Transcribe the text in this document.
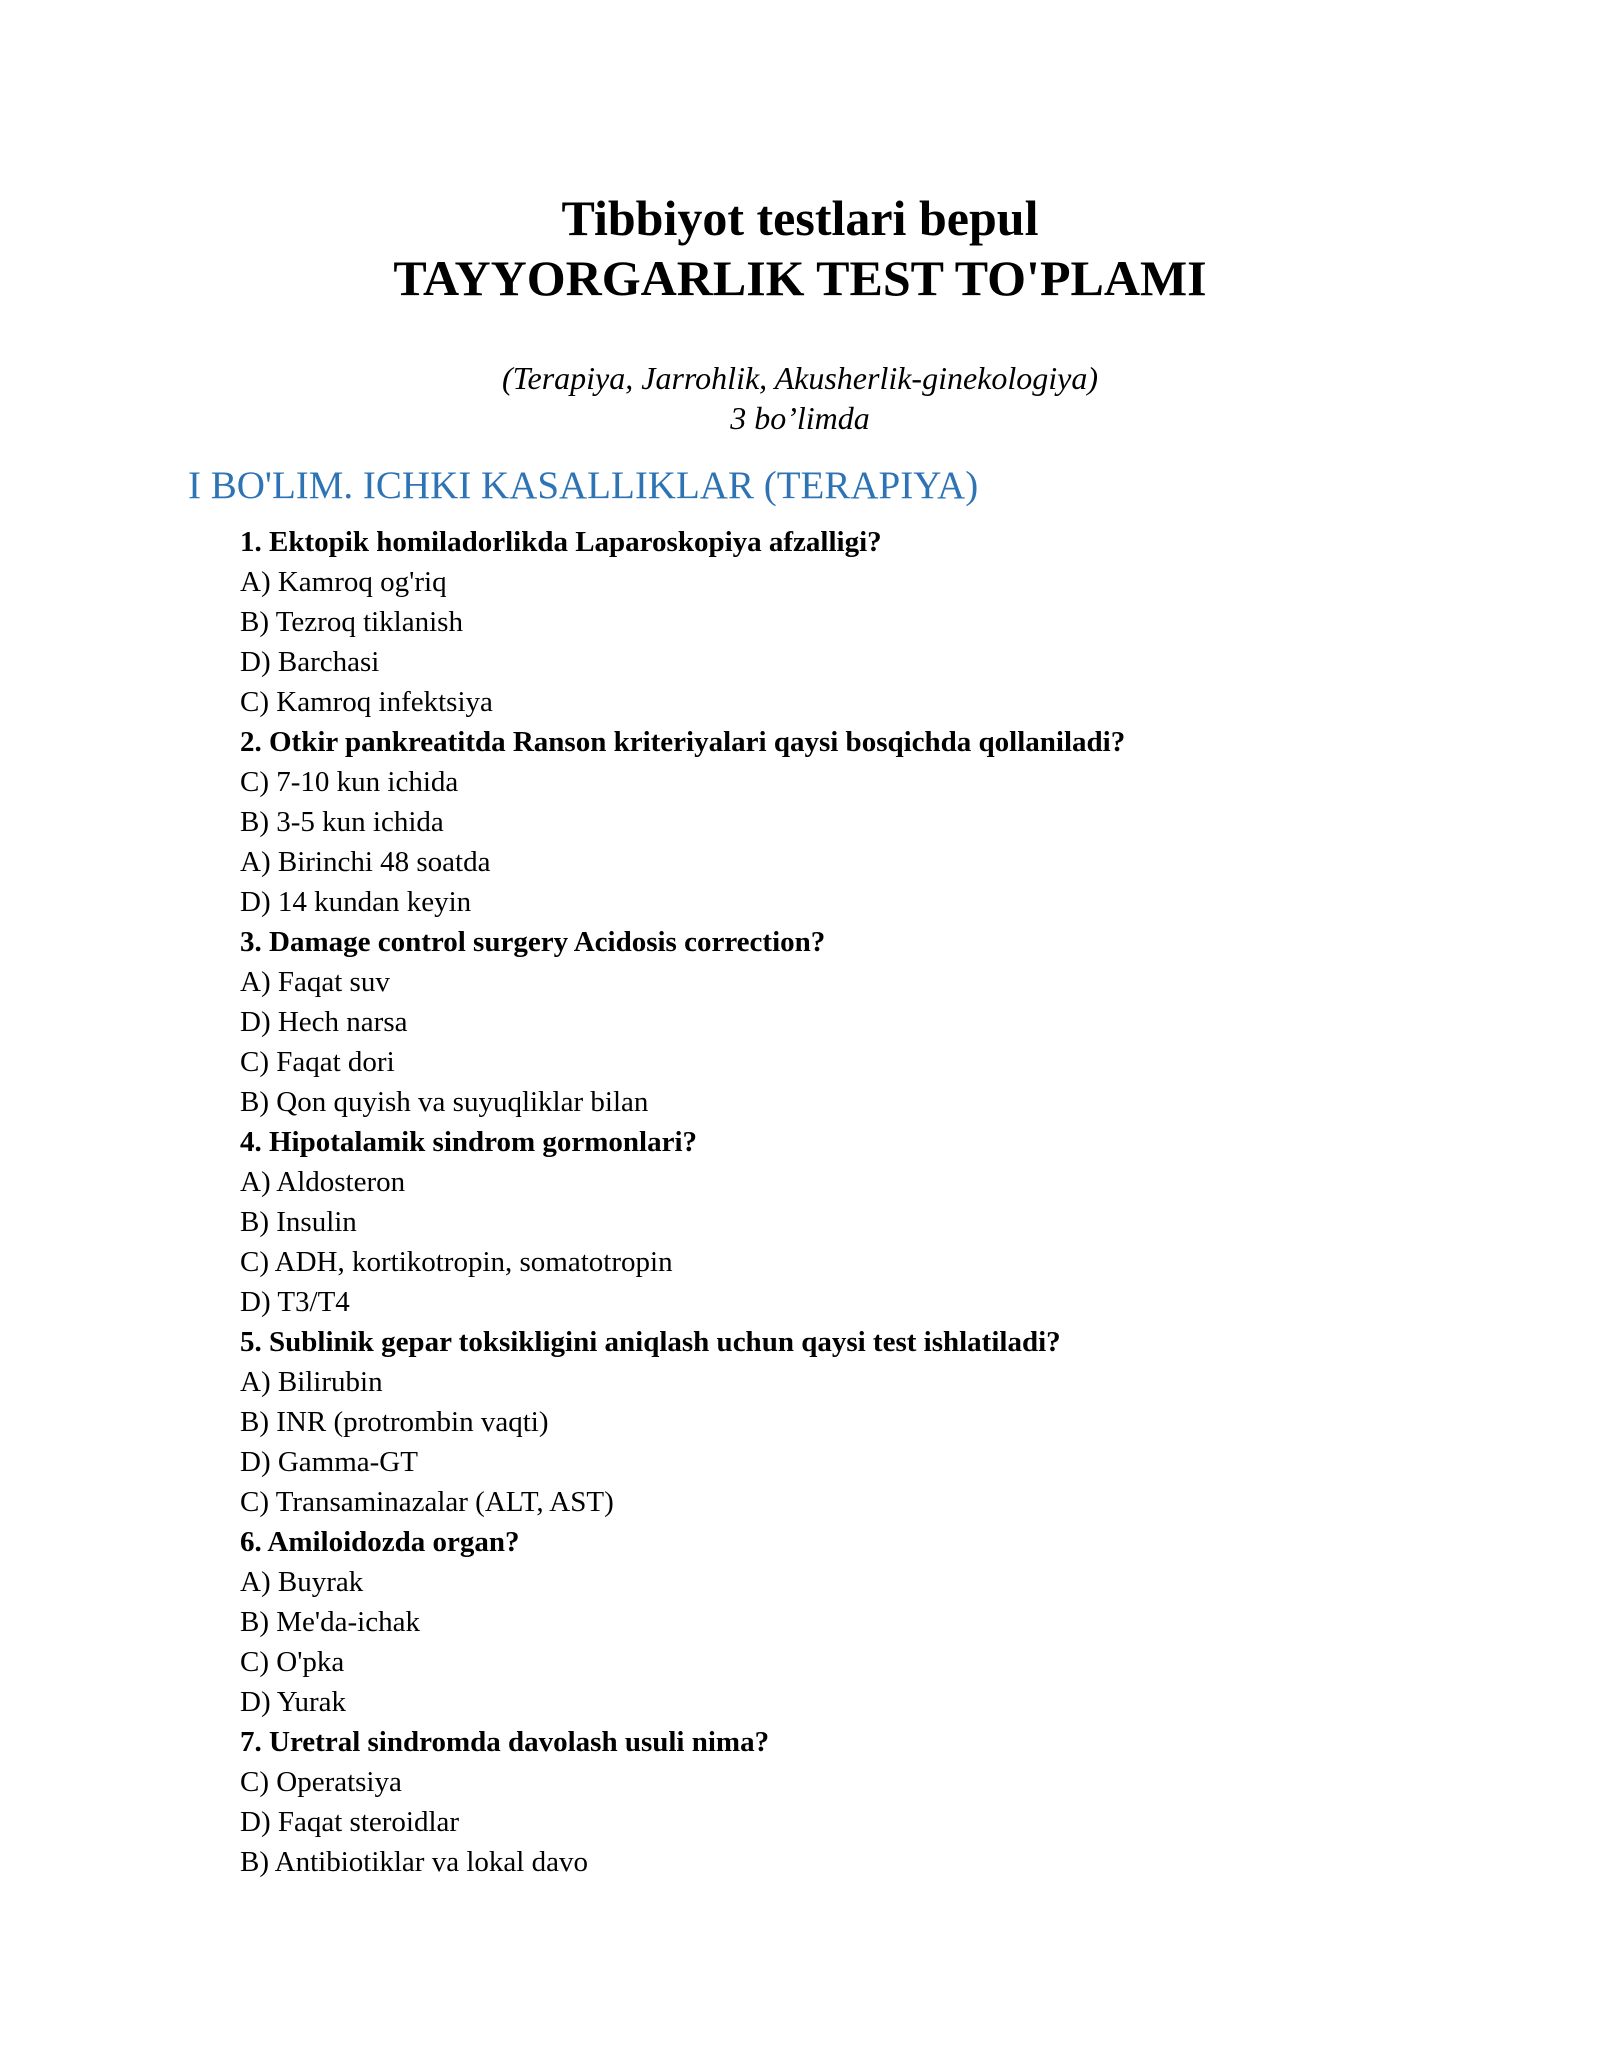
Tibbiyot testlari bepul

TAYYORGARLIK TEST TO'PLAMI

(Terapiya, Jarrohlik, Akusherlik-ginekologiya)

3 bo’limda

I BO'LIM. ICHKI KASALLIKLAR (TERAPIYA)

1. Ektopik homiladorlikda Laparoskopiya afzalligi?

A) Kamroq og'riq

B) Tezroq tiklanish

D) Barchasi

C) Kamroq infektsiya

2. Otkir pankreatitda Ranson kriteriyalari qaysi bosqichda qollaniladi?

C) 7-10 kun ichida

B) 3-5 kun ichida

A) Birinchi 48 soatda

D) 14 kundan keyin

3. Damage control surgery Acidosis correction?

A) Faqat suv

D) Hech narsa

C) Faqat dori

B) Qon quyish va suyuqliklar bilan

4. Hipotalamik sindrom gormonlari?

A) Aldosteron

B) Insulin

C) ADH, kortikotropin, somatotropin

D) T3/T4

5. Sublinik gepar toksikligini aniqlash uchun qaysi test ishlatiladi?

A) Bilirubin

B) INR (protrombin vaqti)

D) Gamma-GT

C) Transaminazalar (ALT, AST)

6. Amiloidozda organ?

A) Buyrak

B) Me'da-ichak

C) O'pka

D) Yurak

7. Uretral sindromda davolash usuli nima?

C) Operatsiya

D) Faqat steroidlar

B) Antibiotiklar va lokal davo
